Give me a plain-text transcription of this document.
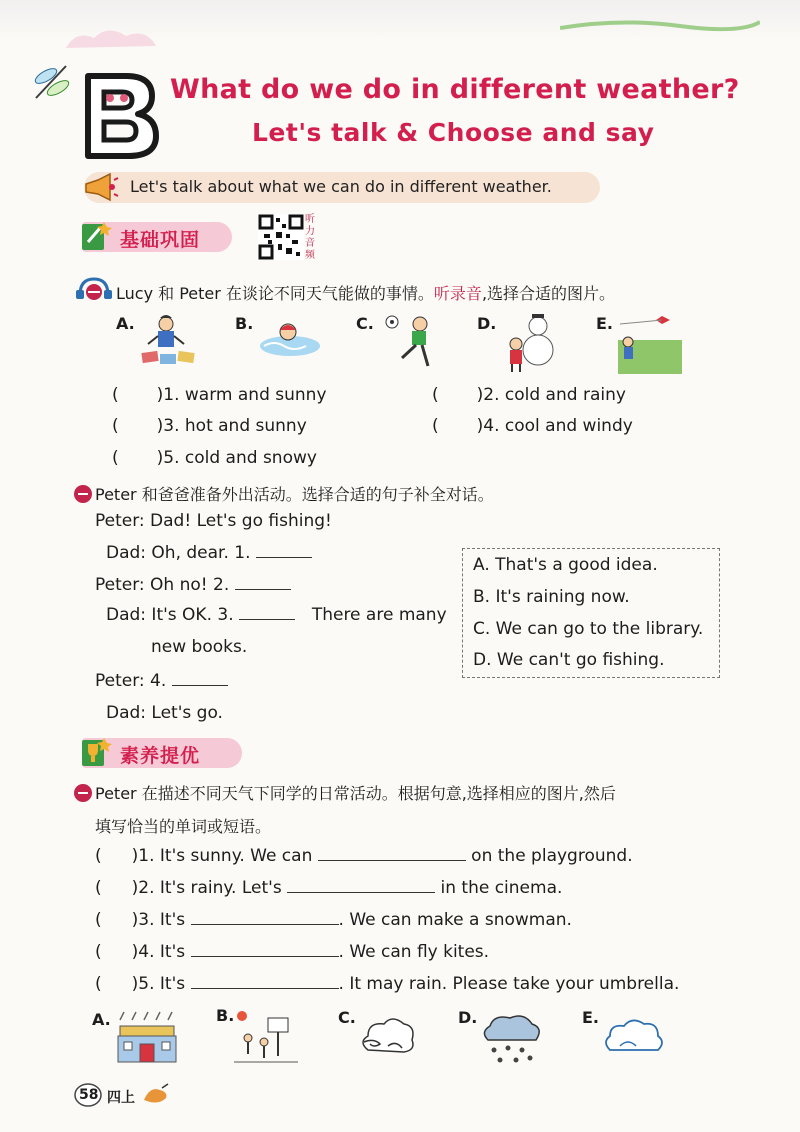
What do we do in different weather?
Let's talk & Choose and say
Let's talk about what we can do in different weather.
基础巩固
听力音频
Lucy 和 Peter 在谈论不同天气能做的事情。听录音,选择合适的图片。
A.	B.	C.	D.	E.
( )1. warm and sunny	( )2. cold and rainy
( )3. hot and sunny	( )4. cool and windy
( )5. cold and snowy
Peter 和爸爸准备外出活动。选择合适的句子补全对话。
Peter: Dad! Let's go fishing!
Dad: Oh, dear. 1.
Peter: Oh no! 2.
Dad: It's OK. 3.	There are many
new books.
Peter: 4.
Dad: Let's go.
A. That's a good idea.
B. It's raining now.
C. We can go to the library.
D. We can't go fishing.
素养提优
Peter 在描述不同天气下同学的日常活动。根据句意,选择相应的图片,然后
填写恰当的单词或短语。
( )1. It's sunny. We can	on the playground.
( )2. It's rainy. Let's	in the cinema.
( )3. It's	. We can make a snowman.
( )4. It's	. We can fly kites.
( )5. It's	. It may rain. Please take your umbrella.
A.	B.	C.	D.	E.
58 四上
